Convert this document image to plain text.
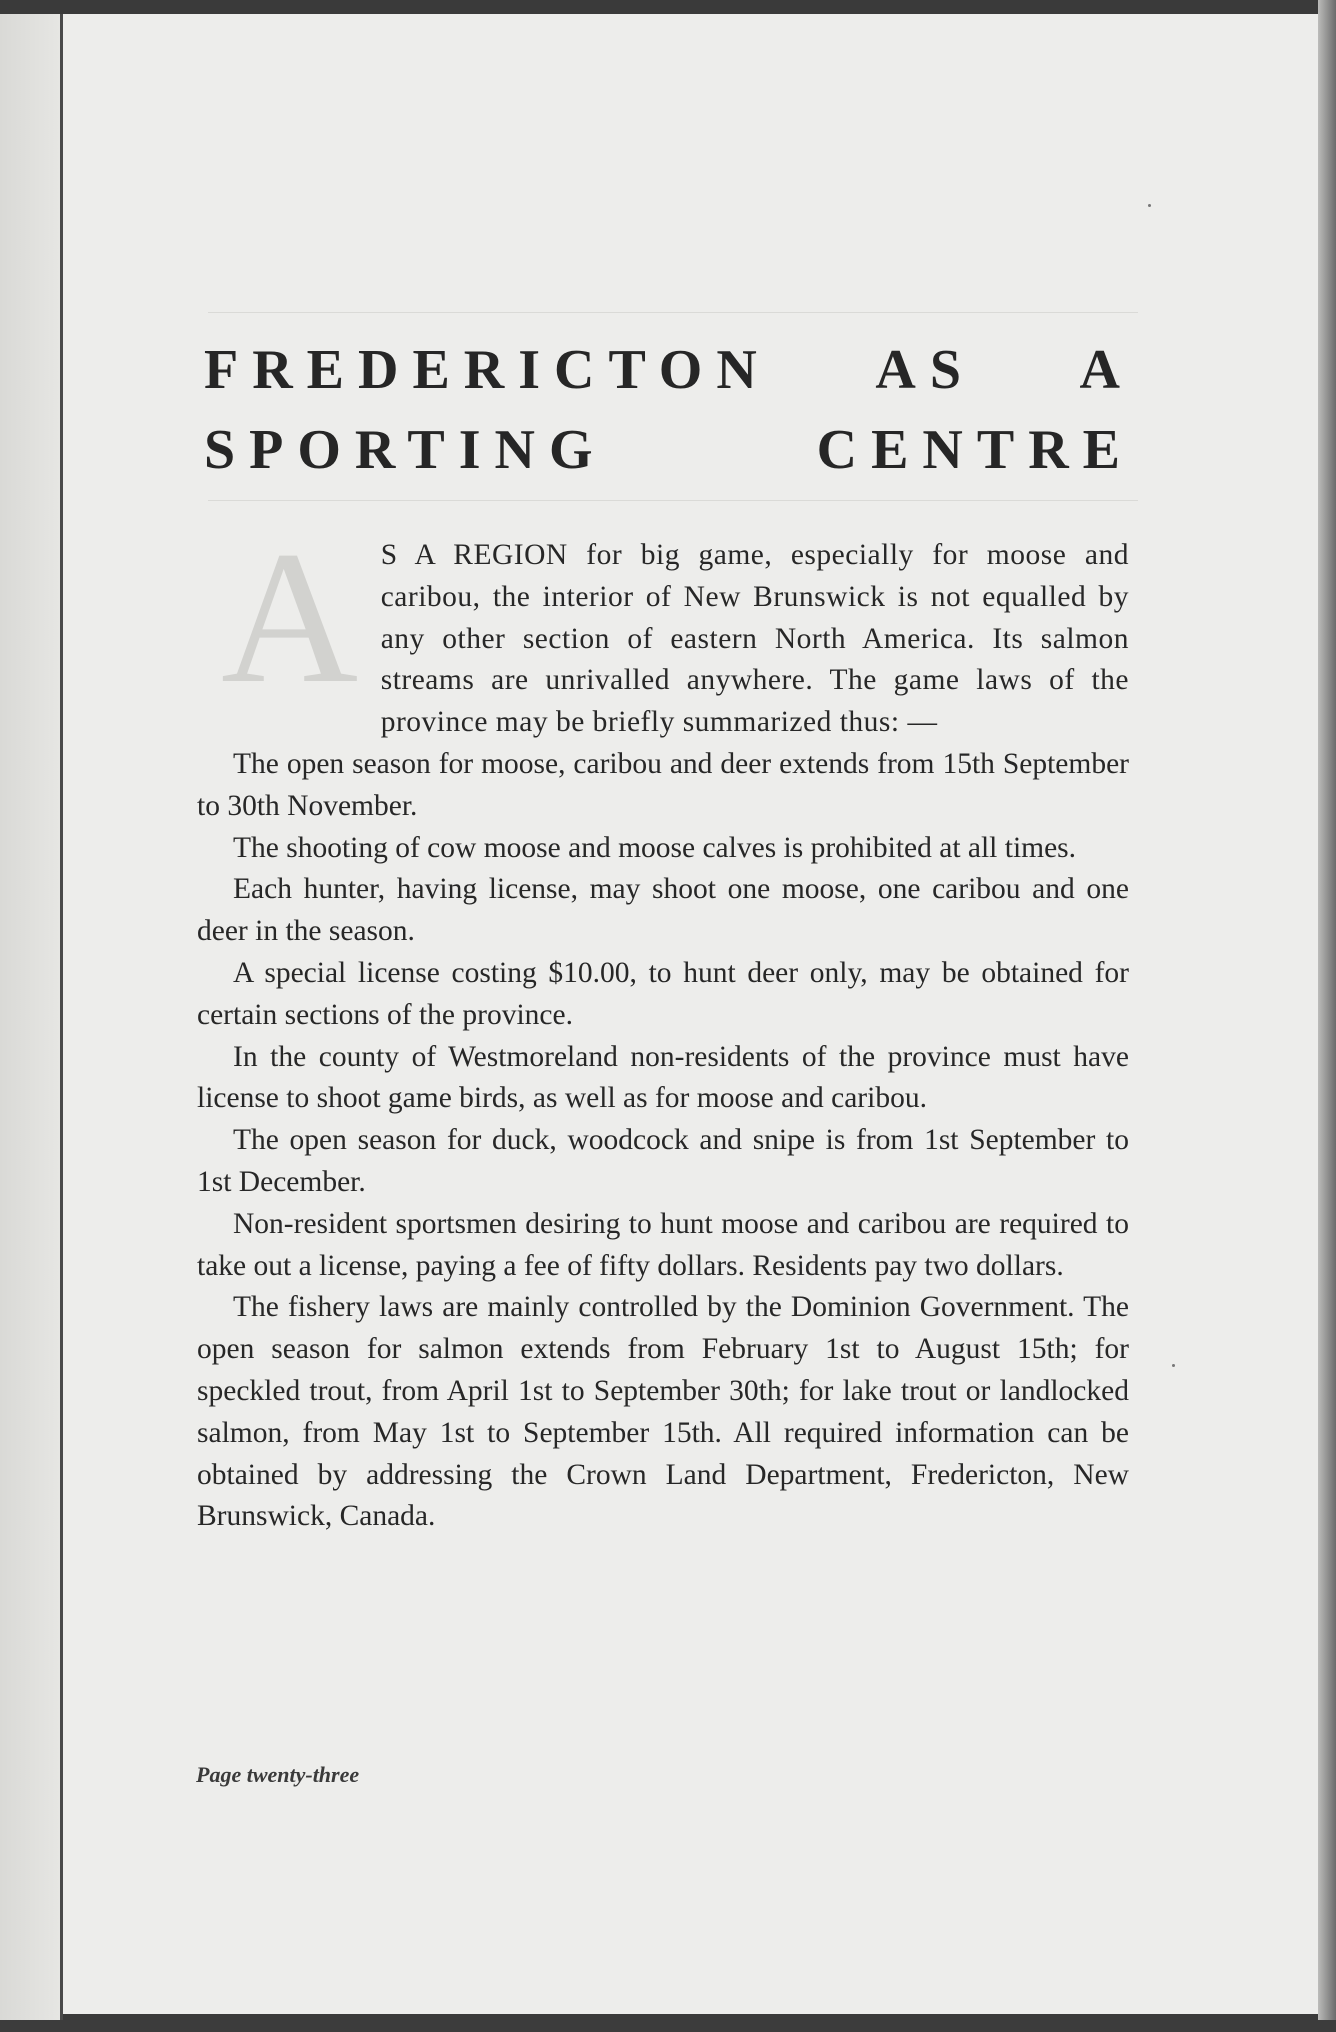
FREDERICTON AS A
SPORTING CENTRE

A S A REGION for big game, especially for moose and caribou, the interior of New Brunswick is not equalled by any other section of eastern North America. Its salmon streams are unrivalled anywhere. The game laws of the province may be briefly summarized thus: —

The open season for moose, caribou and deer extends from 15th September to 30th November.

The shooting of cow moose and moose calves is prohibited at all times.

Each hunter, having license, may shoot one moose, one caribou and one deer in the season.

A special license costing $10.00, to hunt deer only, may be obtained for certain sections of the province.

In the county of Westmoreland non-residents of the province must have license to shoot game birds, as well as for moose and caribou.

The open season for duck, woodcock and snipe is from 1st September to 1st December.

Non-resident sportsmen desiring to hunt moose and caribou are required to take out a license, paying a fee of fifty dollars. Residents pay two dollars.

The fishery laws are mainly controlled by the Dominion Government. The open season for salmon extends from February 1st to August 15th; for speckled trout, from April 1st to September 30th; for lake trout or landlocked salmon, from May 1st to September 15th. All required information can be obtained by addressing the Crown Land Department, Fredericton, New Brunswick, Canada.

Page twenty-three
